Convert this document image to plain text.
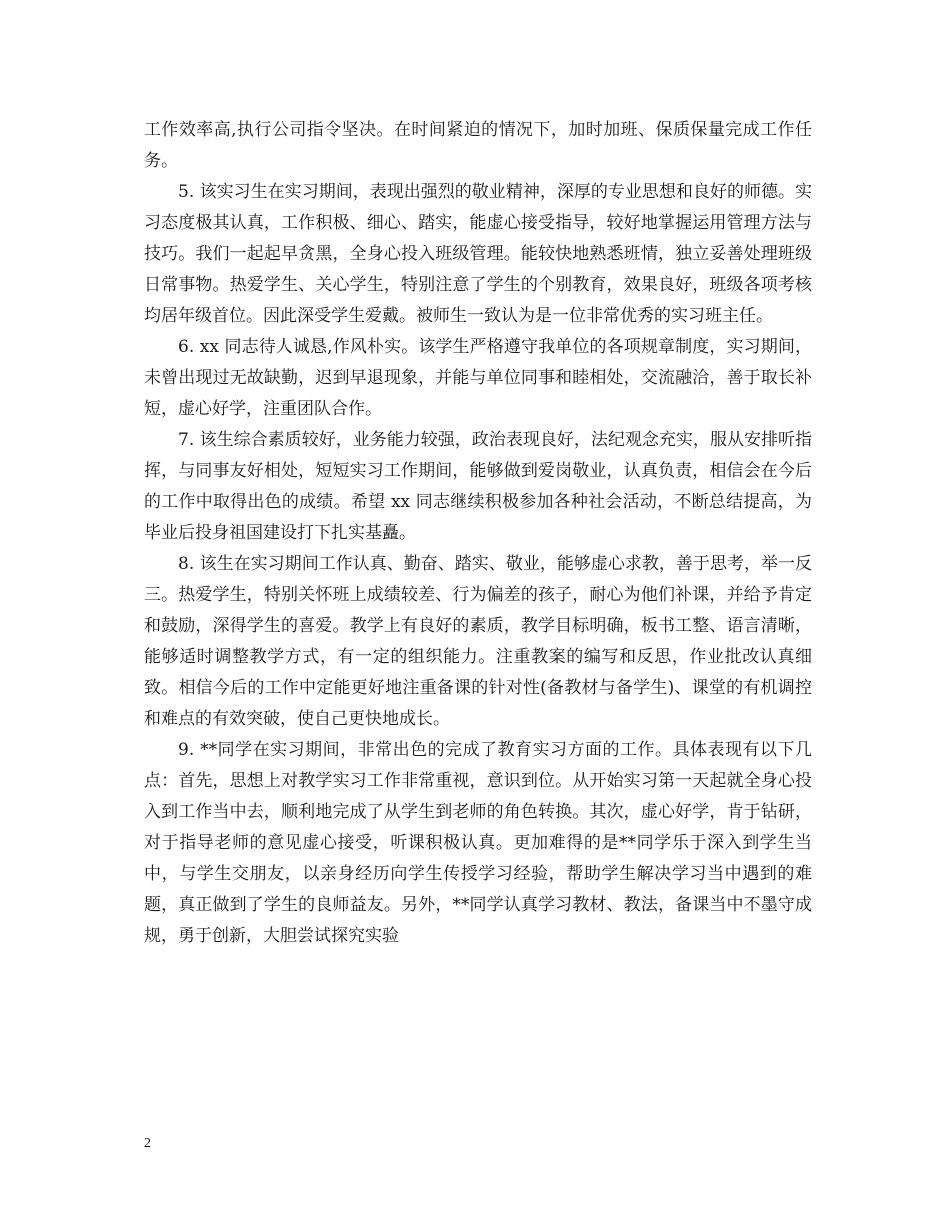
工作效率高,执行公司指令坚决。在时间紧迫的情况下，加时加班、保质保量完成工作任务。

5. 该实习生在实习期间，表现出强烈的敬业精神，深厚的专业思想和良好的师德。实习态度极其认真，工作积极、细心、踏实，能虚心接受指导，较好地掌握运用管理方法与技巧。我们一起起早贪黑，全身心投入班级管理。能较快地熟悉班情，独立妥善处理班级日常事物。热爱学生、关心学生，特别注意了学生的个别教育，效果良好，班级各项考核均居年级首位。因此深受学生爱戴。被师生一致认为是一位非常优秀的实习班主任。

6. xx 同志待人诚恳,作风朴实。该学生严格遵守我单位的各项规章制度，实习期间，未曾出现过无故缺勤，迟到早退现象，并能与单位同事和睦相处，交流融洽，善于取长补短，虚心好学，注重团队合作。

7. 该生综合素质较好，业务能力较强，政治表现良好，法纪观念充实，服从安排听指挥，与同事友好相处，短短实习工作期间，能够做到爱岗敬业，认真负责，相信会在今后的工作中取得出色的成绩。希望 xx 同志继续积极参加各种社会活动，不断总结提高，为毕业后投身祖国建设打下扎实基矗。

8. 该生在实习期间工作认真、勤奋、踏实、敬业，能够虚心求教，善于思考，举一反三。热爱学生，特别关怀班上成绩较差、行为偏差的孩子，耐心为他们补课，并给予肯定和鼓励，深得学生的喜爱。教学上有良好的素质，教学目标明确，板书工整、语言清晰，能够适时调整教学方式，有一定的组织能力。注重教案的编写和反思，作业批改认真细致。相信今后的工作中定能更好地注重备课的针对性(备教材与备学生)、课堂的有机调控和难点的有效突破，使自己更快地成长。

9. **同学在实习期间，非常出色的完成了教育实习方面的工作。具体表现有以下几点：首先，思想上对教学实习工作非常重视，意识到位。从开始实习第一天起就全身心投入到工作当中去，顺利地完成了从学生到老师的角色转换。其次，虚心好学，肯于钻研，对于指导老师的意见虚心接受，听课积极认真。更加难得的是**同学乐于深入到学生当中，与学生交朋友，以亲身经历向学生传授学习经验，帮助学生解决学习当中遇到的难题，真正做到了学生的良师益友。另外，**同学认真学习教材、教法，备课当中不墨守成规，勇于创新，大胆尝试探究实验

2
